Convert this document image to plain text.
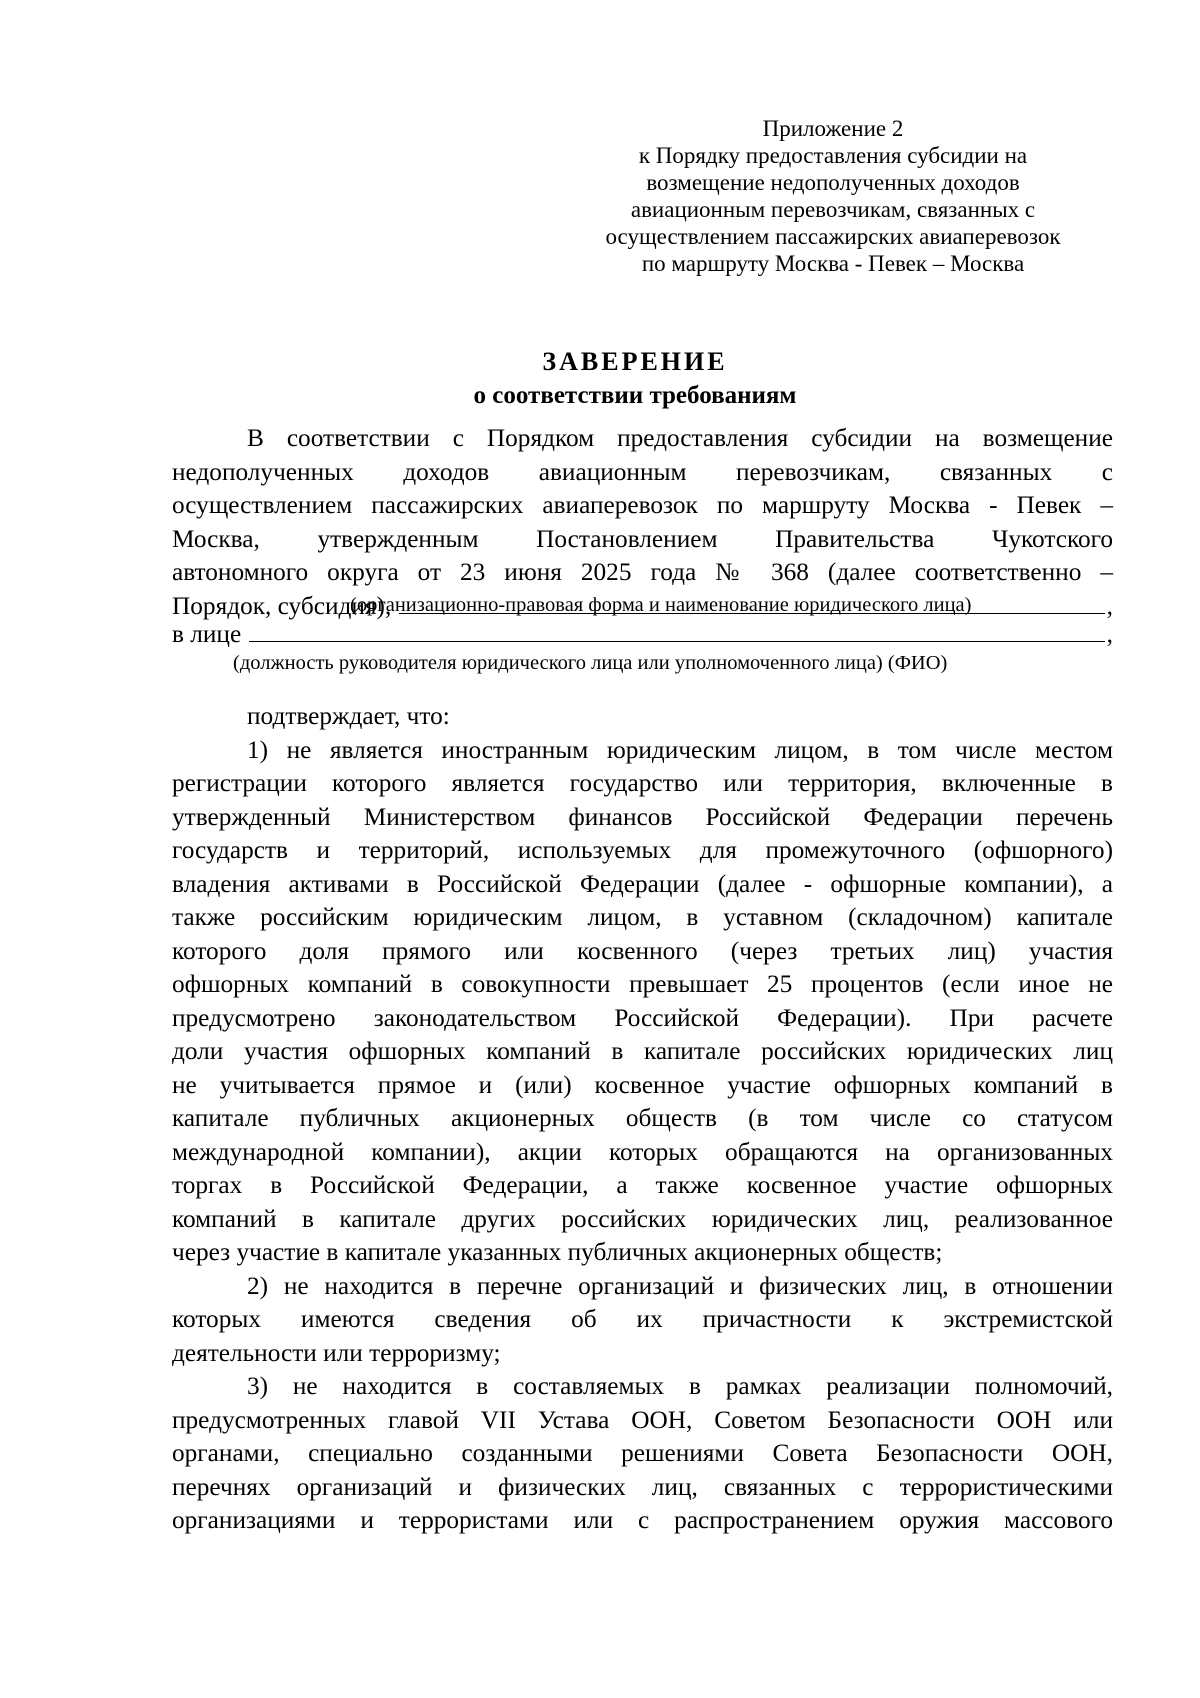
Приложение 2
к Порядку предоставления субсидии на
возмещение недополученных доходов
авиационным перевозчикам, связанных с
осуществлением пассажирских авиаперевозок
по маршруту Москва - Певек – Москва
ЗАВЕРЕНИЕ
о соответствии требованиям
В соответствии с Порядком предоставления субсидии на возмещение
недополученных доходов авиационным перевозчикам, связанных с
осуществлением пассажирских авиаперевозок по маршруту Москва - Певек –
Москва, утвержденным Постановлением Правительства Чукотского
автономного округа от 23 июня 2025 года № 368 (далее соответственно –
Порядок, субсидия),	,
(организационно-правовая форма и наименование юридического лица)
в лице	,
(должность руководителя юридического лица или уполномоченного лица) (ФИО)
подтверждает, что:
1) не является иностранным юридическим лицом, в том числе местом
регистрации которого является государство или территория, включенные в
утвержденный Министерством финансов Российской Федерации перечень
государств и территорий, используемых для промежуточного (офшорного)
владения активами в Российской Федерации (далее - офшорные компании), а
также российским юридическим лицом, в уставном (складочном) капитале
которого доля прямого или косвенного (через третьих лиц) участия
офшорных компаний в совокупности превышает 25 процентов (если иное не
предусмотрено законодательством Российской Федерации). При расчете
доли участия офшорных компаний в капитале российских юридических лиц
не учитывается прямое и (или) косвенное участие офшорных компаний в
капитале публичных акционерных обществ (в том числе со статусом
международной компании), акции которых обращаются на организованных
торгах в Российской Федерации, а также косвенное участие офшорных
компаний в капитале других российских юридических лиц, реализованное
через участие в капитале указанных публичных акционерных обществ;
2) не находится в перечне организаций и физических лиц, в отношении
которых имеются сведения об их причастности к экстремистской
деятельности или терроризму;
3) не находится в составляемых в рамках реализации полномочий,
предусмотренных главой VII Устава ООН, Советом Безопасности ООН или
органами, специально созданными решениями Совета Безопасности ООН,
перечнях организаций и физических лиц, связанных с террористическими
организациями и террористами или с распространением оружия массового
